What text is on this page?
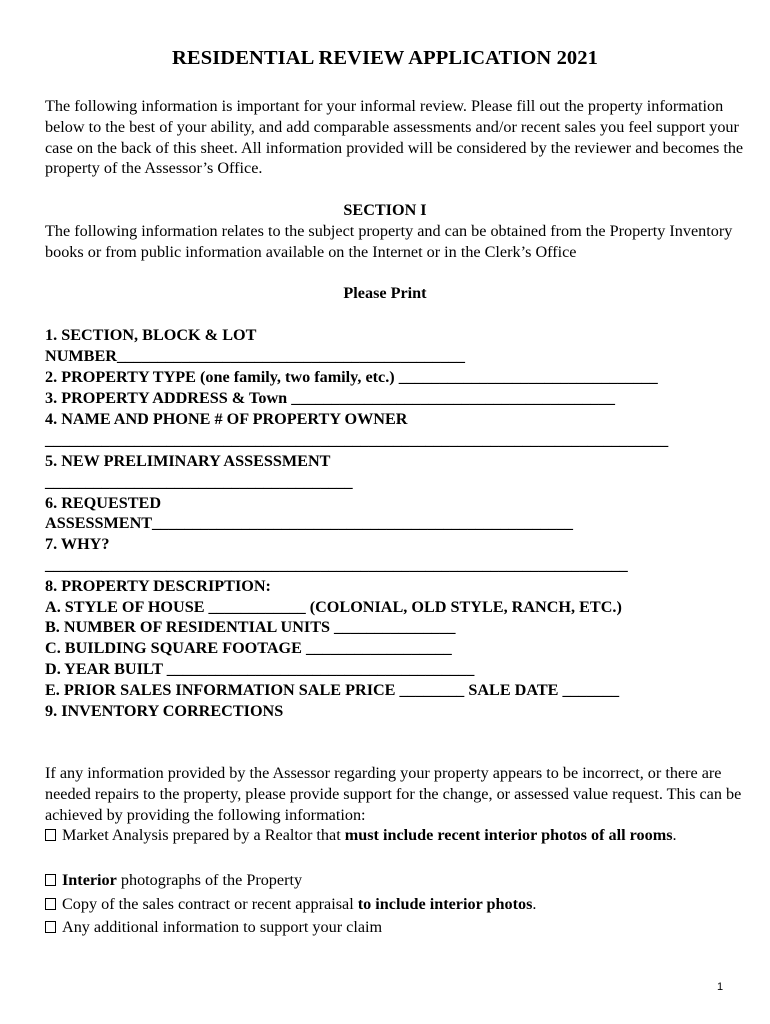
RESIDENTIAL REVIEW APPLICATION 2021
The following information is important for your informal review. Please fill out the property information below to the best of your ability, and add comparable assessments and/or recent sales you feel support your case on the back of this sheet. All information provided will be considered by the reviewer and becomes the property of the Assessor’s Office.
SECTION I
The following information relates to the subject property and can be obtained from the Property Inventory books or from public information available on the Internet or in the Clerk’s Office
Please Print
1. SECTION, BLOCK & LOT
NUMBER___________________________________________
2. PROPERTY TYPE (one family, two family, etc.) ________________________________
3. PROPERTY ADDRESS & Town ________________________________________
4. NAME AND PHONE # OF PROPERTY OWNER
_____________________________________________________________________________
5. NEW PRELIMINARY ASSESSMENT
______________________________________
6. REQUESTED
ASSESSMENT____________________________________________________
7. WHY?
________________________________________________________________________
8. PROPERTY DESCRIPTION:
A. STYLE OF HOUSE ____________ (COLONIAL, OLD STYLE, RANCH, ETC.)
B. NUMBER OF RESIDENTIAL UNITS _______________
C. BUILDING SQUARE FOOTAGE __________________
D. YEAR BUILT ______________________________________
E. PRIOR SALES INFORMATION SALE PRICE ________ SALE DATE _______
9. INVENTORY CORRECTIONS
If any information provided by the Assessor regarding your property appears to be incorrect, or there are needed repairs to the property, please provide support for the change, or assessed value request. This can be achieved by providing the following information:
Market Analysis prepared by a Realtor that must include recent interior photos of all rooms.
Interior photographs of the Property
Copy of the sales contract or recent appraisal to include interior photos.
Any additional information to support your claim
1
